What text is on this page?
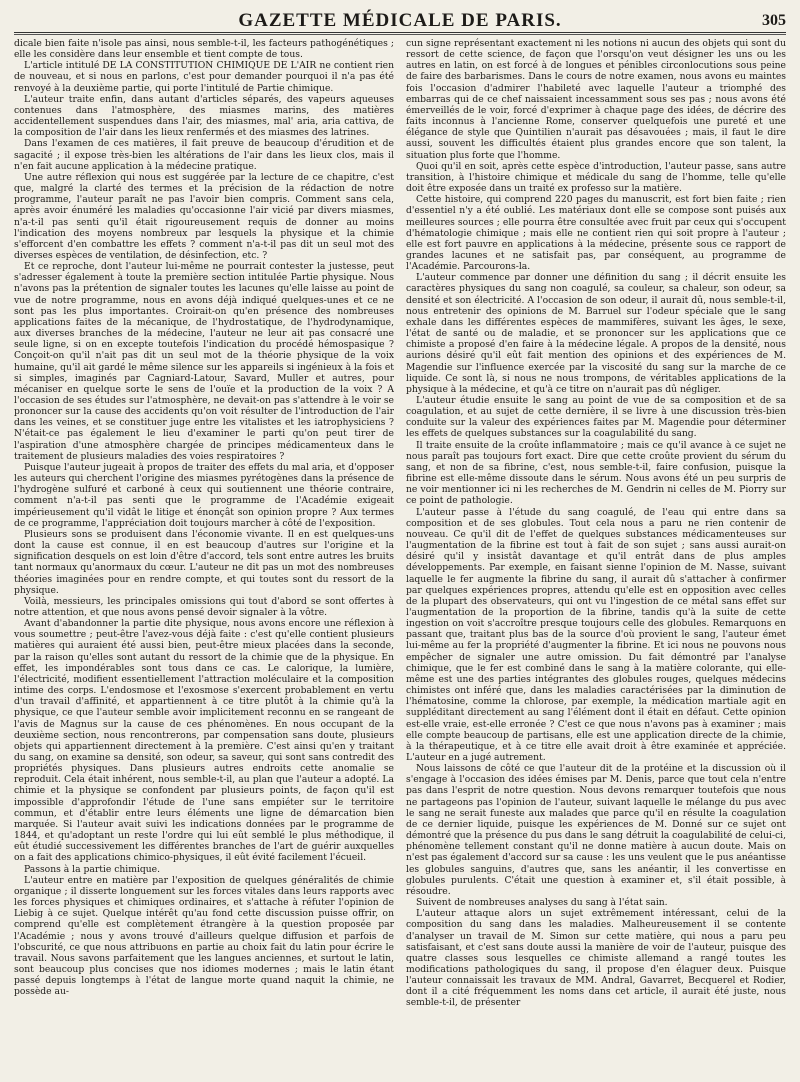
GAZETTE MÉDICALE DE PARIS.	305

dicale bien faite n'isole pas ainsi, nous semble-t-il, les facteurs pathogénétiques ; elle les considère dans leur ensemble et tient compte de tous.

L'article intitulé DE LA CONSTITUTION CHIMIQUE DE L'AIR ne contient rien de nouveau, et si nous en parlons, c'est pour demander pourquoi il n'a pas été renvoyé à la deuxième partie, qui porte l'intitulé de Partie chimique.

L'auteur traite enfin, dans autant d'articles séparés, des vapeurs aqueuses contenues dans l'atmosphère, des miasmes marins, des matières accidentellement suspendues dans l'air, des miasmes, mal' aria, aria cattiva, de la composition de l'air dans les lieux renfermés et des miasmes des latrines.

Dans l'examen de ces matières, il fait preuve de beaucoup d'érudition et de sagacité ; il expose très-bien les altérations de l'air dans les lieux clos, mais il n'en fait aucune application à la médecine pratique.

Une autre réflexion qui nous est suggérée par la lecture de ce chapitre, c'est que, malgré la clarté des termes et la précision de la rédaction de notre programme, l'auteur paraît ne pas l'avoir bien compris. Comment sans cela, après avoir énuméré les maladies qu'occasionne l'air vicié par divers miasmes, n'a-t-il pas senti qu'il était rigoureusement requis de donner au moins l'indication des moyens nombreux par lesquels la physique et la chimie s'efforcent d'en combattre les effets ? comment n'a-t-il pas dit un seul mot des diverses espèces de ventilation, de désinfection, etc. ?

Et ce reproche, dont l'auteur lui-même ne pourrait contester la justesse, peut s'adresser également à toute la première section intitulée Partie physique. Nous n'avons pas la prétention de signaler toutes les lacunes qu'elle laisse au point de vue de notre programme, nous en avons déjà indiqué quelques-unes et ce ne sont pas les plus importantes. Croirait-on qu'en présence des nombreuses applications faites de la mécanique, de l'hydrostatique, de l'hydrodynamique, aux diverses branches de la médecine, l'auteur ne leur ait pas consacré une seule ligne, si on en excepte toutefois l'indication du procédé hémospasique ? Conçoit-on qu'il n'ait pas dit un seul mot de la théorie physique de la voix humaine, qu'il ait gardé le même silence sur les appareils si ingénieux à la fois et si simples, imaginés par Cagniard-Latour, Savard, Muller et autres, pour mécaniser en quelque sorte le sens de l'ouïe et la production de la voix ? A l'occasion de ses études sur l'atmosphère, ne devait-on pas s'attendre à le voir se prononcer sur la cause des accidents qu'on voit résulter de l'introduction de l'air dans les veines, et se constituer juge entre les vitalistes et les iatrophysiciens ? N'était-ce pas également le lieu d'examiner le parti qu'on peut tirer de l'aspiration d'une atmosphère chargée de principes médicamenteux dans le traitement de plusieurs maladies des voies respiratoires ?

Puisque l'auteur jugeait à propos de traiter des effets du mal aria, et d'opposer les auteurs qui cherchent l'origine des miasmes pyrétogènes dans la présence de l'hydrogène sulfuré et carboné à ceux qui soutiennent une théorie contraire, comment n'a-t-il pas senti que le programme de l'Académie exigeait impérieusement qu'il vidât le litige et énonçât son opinion propre ? Aux termes de ce programme, l'appréciation doit toujours marcher à côté de l'exposition.

Plusieurs sons se produisent dans l'économie vivante. Il en est quelques-uns dont la cause est connue, il en est beaucoup d'autres sur l'origine et la signification desquels on est loin d'être d'accord, tels sont entre autres les bruits tant normaux qu'anormaux du cœur. L'auteur ne dit pas un mot des nombreuses théories imaginées pour en rendre compte, et qui toutes sont du ressort de la physique.

Voilà, messieurs, les principales omissions qui tout d'abord se sont offertes à notre attention, et que nous avons pensé devoir signaler à la vôtre.

Avant d'abandonner la partie dite physique, nous avons encore une réflexion à vous soumettre ; peut-être l'avez-vous déjà faite : c'est qu'elle contient plusieurs matières qui auraient été aussi bien, peut-être mieux placées dans la seconde, par la raison qu'elles sont autant du ressort de la chimie que de la physique. En effet, les impondérables sont tous dans ce cas. Le calorique, la lumière, l'électricité, modifient essentiellement l'attraction moléculaire et la composition intime des corps. L'endosmose et l'exosmose s'exercent probablement en vertu d'un travail d'affinité, et appartiennent à ce titre plutôt à la chimie qu'à la physique, ce que l'auteur semble avoir implicitement reconnu en se rangeant de l'avis de Magnus sur la cause de ces phénomènes. En nous occupant de la deuxième section, nous rencontrerons, par compensation sans doute, plusieurs objets qui appartiennent directement à la première. C'est ainsi qu'en y traitant du sang, on examine sa densité, son odeur, sa saveur, qui sont sans contredit des propriétés physiques. Dans plusieurs autres endroits cette anomalie se reproduit. Cela était inhérent, nous semble-t-il, au plan que l'auteur a adopté. La chimie et la physique se confondent par plusieurs points, de façon qu'il est impossible d'approfondir l'étude de l'une sans empiéter sur le territoire commun, et d'établir entre leurs éléments une ligne de démarcation bien marquée. Si l'auteur avait suivi les indications données par le programme de 1844, et qu'adoptant un reste l'ordre qui lui eût semblé le plus méthodique, il eût étudié successivement les différentes branches de l'art de guérir auxquelles on a fait des applications chimico-physiques, il eût évité facilement l'écueil.

Passons à la partie chimique.

L'auteur entre en matière par l'exposition de quelques généralités de chimie organique ; il disserte longuement sur les forces vitales dans leurs rapports avec les forces physiques et chimiques ordinaires, et s'attache à réfuter l'opinion de Liebig à ce sujet. Quelque intérêt qu'au fond cette discussion puisse offrir, on comprend qu'elle est complètement étrangère à la question proposée par l'Académie ; nous y avons trouvé d'ailleurs quelque diffusion et parfois de l'obscurité, ce que nous attribuons en partie au choix fait du latin pour écrire le travail. Nous savons parfaitement que les langues anciennes, et surtout le latin, sont beaucoup plus concises que nos idiomes modernes ; mais le latin étant passé depuis longtemps à l'état de langue morte quand naquit la chimie, ne possède au-

cun signe représentant exactement ni les notions ni aucun des objets qui sont du ressort de cette science, de façon que l'orsqu'on veut désigner les uns ou les autres en latin, on est forcé à de longues et pénibles circonlocutions sous peine de faire des barbarismes. Dans le cours de notre examen, nous avons eu maintes fois l'occasion d'admirer l'habileté avec laquelle l'auteur a triomphé des embarras qui de ce chef naissaient incessamment sous ses pas ; nous avons été émerveillés de le voir, forcé d'exprimer à chaque page des idées, de décrire des faits inconnus à l'ancienne Rome, conserver quelquefois une pureté et une élégance de style que Quintilien n'aurait pas désavouées ; mais, il faut le dire aussi, souvent les difficultés étaient plus grandes encore que son talent, la situation plus forte que l'homme.

Quoi qu'il en soit, après cette espèce d'introduction, l'auteur passe, sans autre transition, à l'histoire chimique et médicale du sang de l'homme, telle qu'elle doit être exposée dans un traité ex professo sur la matière.

Cette histoire, qui comprend 220 pages du manuscrit, est fort bien faite ; rien d'essentiel n'y a été oublié. Les matériaux dont elle se compose sont puisés aux meilleures sources ; elle pourra être consultée avec fruit par ceux qui s'occupent d'hématologie chimique ; mais elle ne contient rien qui soit propre à l'auteur ; elle est fort pauvre en applications à la médecine, présente sous ce rapport de grandes lacunes et ne satisfait pas, par conséquent, au programme de l'Académie. Parcourons-la.

L'auteur commence par donner une définition du sang ; il décrit ensuite les caractères physiques du sang non coagulé, sa couleur, sa chaleur, son odeur, sa densité et son électricité. A l'occasion de son odeur, il aurait dû, nous semble-t-il, nous entretenir des opinions de M. Barruel sur l'odeur spéciale que le sang exhale dans les différentes espèces de mammifères, suivant les âges, le sexe, l'état de santé ou de maladie, et se prononcer sur les applications que ce chimiste a proposé d'en faire à la médecine légale. A propos de la densité, nous aurions désiré qu'il eût fait mention des opinions et des expériences de M. Magendie sur l'influence exercée par la viscosité du sang sur la marche de ce liquide. Ce sont là, si nous ne nous trompons, de véritables applications de la physique à la médecine, et qu'à ce titre on n'aurait pas dû négliger.

L'auteur étudie ensuite le sang au point de vue de sa composition et de sa coagulation, et au sujet de cette dernière, il se livre à une discussion très-bien conduite sur la valeur des expériences faites par M. Magendie pour déterminer les effets de quelques substances sur la coagulabilité du sang.

Il traite ensuite de la croûte inflammatoire ; mais ce qu'il avance à ce sujet ne nous paraît pas toujours fort exact. Dire que cette croûte provient du sérum du sang, et non de sa fibrine, c'est, nous semble-t-il, faire confusion, puisque la fibrine est elle-même dissoute dans le sérum. Nous avons été un peu surpris de ne voir mentionner ici ni les recherches de M. Gendrin ni celles de M. Piorry sur ce point de pathologie.

L'auteur passe à l'étude du sang coagulé, de l'eau qui entre dans sa composition et de ses globules. Tout cela nous a paru ne rien contenir de nouveau. Ce qu'il dit de l'effet de quelques substances médicamenteuses sur l'augmentation de la fibrine est tout à fait de son sujet ; sans aussi aurait-on désiré qu'il y insistât davantage et qu'il entrât dans de plus amples développements. Par exemple, en faisant sienne l'opinion de M. Nasse, suivant laquelle le fer augmente la fibrine du sang, il aurait dû s'attacher à confirmer par quelques expériences propres, attendu qu'elle est en opposition avec celles de la plupart des observateurs, qui ont vu l'ingestion de ce métal sans effet sur l'augmentation de la proportion de la fibrine, tandis qu'à la suite de cette ingestion on voit s'accroître presque toujours celle des globules. Remarquons en passant que, traitant plus bas de la source d'où provient le sang, l'auteur émet lui-même au fer la propriété d'augmenter la fibrine. Et ici nous ne pouvons nous empêcher de signaler une autre omission. Du fait démontré par l'analyse chimique, que le fer est combiné dans le sang à la matière colorante, qui elle-même est une des parties intégrantes des globules rouges, quelques médecins chimistes ont inféré que, dans les maladies caractérisées par la diminution de l'hématosine, comme la chlorose, par exemple, la médication martiale agit en suppléditant directement au sang l'élément dont il était en défaut. Cette opinion est-elle vraie, est-elle erronée ? C'est ce que nous n'avons pas à examiner ; mais elle compte beaucoup de partisans, elle est une application directe de la chimie, à la thérapeutique, et à ce titre elle avait droit à être examinée et appréciée. L'auteur en a jugé autrement.

Nous laissons de côté ce que l'auteur dit de la protéine et la discussion où il s'engage à l'occasion des idées émises par M. Denis, parce que tout cela n'entre pas dans l'esprit de notre question. Nous devons remarquer toutefois que nous ne partageons pas l'opinion de l'auteur, suivant laquelle le mélange du pus avec le sang ne serait funeste aux malades que parce qu'il en résulte la coagulation de ce dernier liquide, puisque les expériences de M. Donné sur ce sujet ont démontré que la présence du pus dans le sang détruit la coagulabilité de celui-ci, phénomène tellement constant qu'il ne donne matière à aucun doute. Mais on n'est pas également d'accord sur sa cause : les uns veulent que le pus anéantisse les globules sanguins, d'autres que, sans les anéantir, il les convertisse en globules purulents. C'était une question à examiner et, s'il était possible, à résoudre.

Suivent de nombreuses analyses du sang à l'état sain.

L'auteur attaque alors un sujet extrêmement intéressant, celui de la composition du sang dans les maladies. Malheureusement il se contente d'analyser un travail de M. Simon sur cette matière, qui nous a paru peu satisfaisant, et c'est sans doute aussi la manière de voir de l'auteur, puisque des quatre classes sous lesquelles ce chimiste allemand a rangé toutes les modifications pathologiques du sang, il propose d'en élaguer deux. Puisque l'auteur connaissait les travaux de MM. Andral, Gavarret, Becquerel et Rodier, dont il a cité fréquemment les noms dans cet article, il aurait été juste, nous semble-t-il, de présenter
